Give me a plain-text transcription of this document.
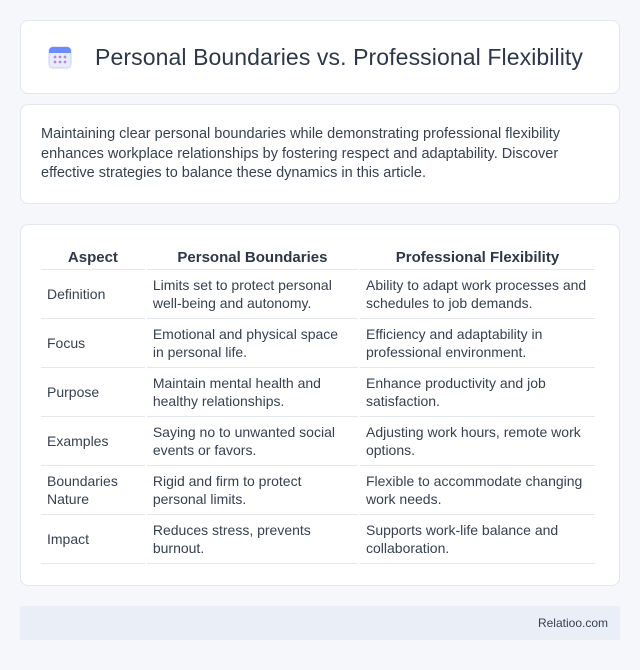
Personal Boundaries vs. Professional Flexibility

Maintaining clear personal boundaries while demonstrating professional flexibility enhances workplace relationships by fostering respect and adaptability. Discover effective strategies to balance these dynamics in this article.

Aspect	Personal Boundaries	Professional Flexibility
Definition	Limits set to protect personal well-being and autonomy.	Ability to adapt work processes and schedules to job demands.
Focus	Emotional and physical space in personal life.	Efficiency and adaptability in professional environment.
Purpose	Maintain mental health and healthy relationships.	Enhance productivity and job satisfaction.
Examples	Saying no to unwanted social events or favors.	Adjusting work hours, remote work options.
Boundaries Nature	Rigid and firm to protect personal limits.	Flexible to accommodate changing work needs.
Impact	Reduces stress, prevents burnout.	Supports work-life balance and collaboration.
Relatioo.com
